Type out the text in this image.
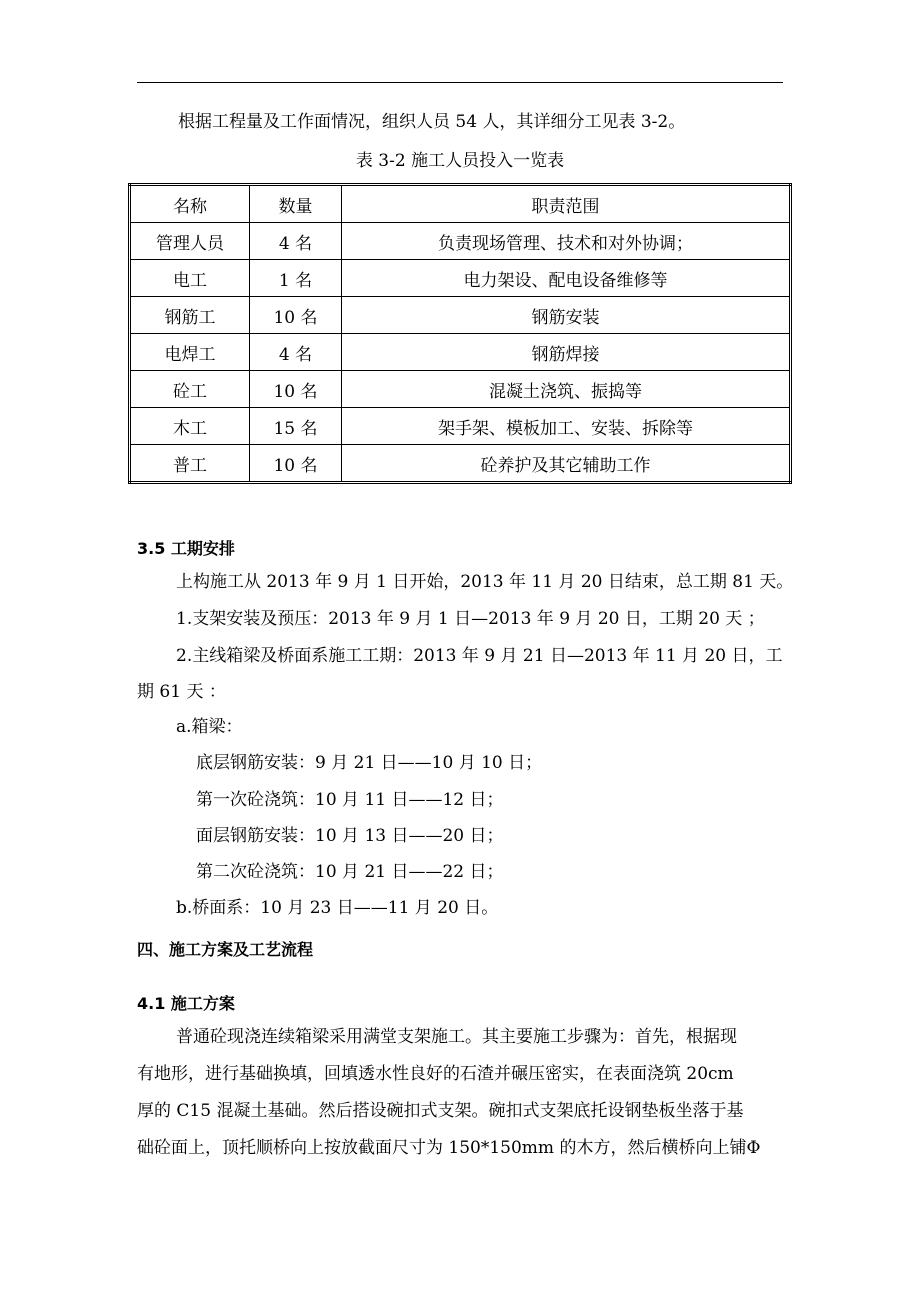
根据工程量及工作面情况，组织人员 54 人，其详细分工见表 3-2。

表 3-2 施工人员投入一览表
名称	数量	职责范围
管理人员	4 名	负责现场管理、技术和对外协调；
电工	1 名	电力架设、配电设备维修等
钢筋工	10 名	钢筋安装
电焊工	4 名	钢筋焊接
砼工	10 名	混凝土浇筑、振捣等
木工	15 名	架手架、模板加工、安装、拆除等
普工	10 名	砼养护及其它辅助工作

3.5 工期安排

上构施工从 2013 年 9 月 1 日开始，2013 年 11 月 20 日结束，总工期 81 天。

1.支架安装及预压：2013 年 9 月 1 日—2013 年 9 月 20 日，工期 20 天 ；

2.主线箱梁及桥面系施工工期：2013 年 9 月 21 日—2013 年 11 月 20 日，工

期 61 天 ：

a.箱梁：

底层钢筋安装：9 月 21 日——10 月 10 日；

第一次砼浇筑：10 月 11 日——12 日；

面层钢筋安装：10 月 13 日——20 日；

第二次砼浇筑：10 月 21 日——22 日；

b.桥面系：10 月 23 日——11 月 20 日。

四、施工方案及工艺流程

4.1 施工方案

普通砼现浇连续箱梁采用满堂支架施工。其主要施工步骤为：首先，根据现

有地形，进行基础换填，回填透水性良好的石渣并碾压密实，在表面浇筑 20cm

厚的 C15 混凝土基础。然后搭设碗扣式支架。碗扣式支架底托设钢垫板坐落于基

础砼面上，顶托顺桥向上按放截面尺寸为 150*150mm 的木方，然后横桥向上铺Φ
